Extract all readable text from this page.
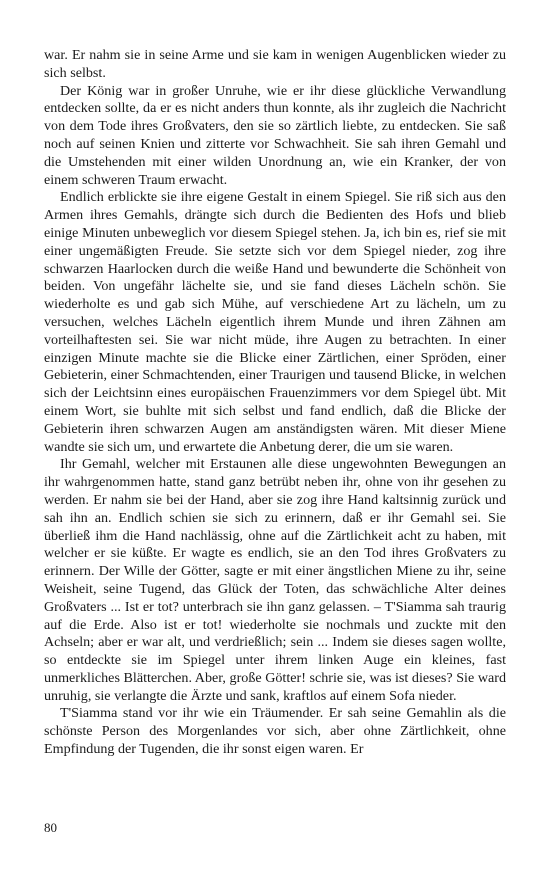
war. Er nahm sie in seine Arme und sie kam in wenigen Augenblicken wieder zu sich selbst.

Der König war in großer Unruhe, wie er ihr diese glückliche Verwandlung entdecken sollte, da er es nicht anders thun konnte, als ihr zugleich die Nachricht von dem Tode ihres Großvaters, den sie so zärtlich liebte, zu entdecken. Sie saß noch auf seinen Knien und zitterte vor Schwachheit. Sie sah ihren Gemahl und die Umstehenden mit einer wilden Unordnung an, wie ein Kranker, der von einem schweren Traum erwacht.

Endlich erblickte sie ihre eigene Gestalt in einem Spiegel. Sie riß sich aus den Armen ihres Gemahls, drängte sich durch die Bedienten des Hofs und blieb einige Minuten unbeweglich vor diesem Spiegel stehen. Ja, ich bin es, rief sie mit einer ungemäßigten Freude. Sie setzte sich vor dem Spiegel nieder, zog ihre schwarzen Haarlocken durch die weiße Hand und bewunderte die Schönheit von beiden. Von ungefähr lächelte sie, und sie fand dieses Lächeln schön. Sie wiederholte es und gab sich Mühe, auf verschiedene Art zu lächeln, um zu versuchen, welches Lächeln eigentlich ihrem Munde und ihren Zähnen am vorteilhaftesten sei. Sie war nicht müde, ihre Augen zu betrachten. In einer einzigen Minute machte sie die Blicke einer Zärtlichen, einer Spröden, einer Gebieterin, einer Schmachtenden, einer Traurigen und tausend Blicke, in welchen sich der Leichtsinn eines europäischen Frauenzimmers vor dem Spiegel übt. Mit einem Wort, sie buhlte mit sich selbst und fand endlich, daß die Blicke der Gebieterin ihren schwarzen Augen am anständigsten wären. Mit dieser Miene wandte sie sich um, und erwartete die Anbetung derer, die um sie waren.

Ihr Gemahl, welcher mit Erstaunen alle diese ungewohnten Bewegungen an ihr wahrgenommen hatte, stand ganz betrübt neben ihr, ohne von ihr gesehen zu werden. Er nahm sie bei der Hand, aber sie zog ihre Hand kaltsinnig zurück und sah ihn an. Endlich schien sie sich zu erinnern, daß er ihr Gemahl sei. Sie überließ ihm die Hand nachlässig, ohne auf die Zärtlichkeit acht zu haben, mit welcher er sie küßte. Er wagte es endlich, sie an den Tod ihres Großvaters zu erinnern. Der Wille der Götter, sagte er mit einer ängstlichen Miene zu ihr, seine Weisheit, seine Tugend, das Glück der Toten, das schwächliche Alter deines Großvaters ... Ist er tot? unterbrach sie ihn ganz gelassen. – T'Siamma sah traurig auf die Erde. Also ist er tot! wiederholte sie nochmals und zuckte mit den Achseln; aber er war alt, und verdrießlich; sein ... Indem sie dieses sagen wollte, so entdeckte sie im Spiegel unter ihrem linken Auge ein kleines, fast unmerkliches Blätterchen. Aber, große Götter! schrie sie, was ist dieses? Sie ward unruhig, sie verlangte die Ärzte und sank, kraftlos auf einem Sofa nieder.

T'Siamma stand vor ihr wie ein Träumender. Er sah seine Gemahlin als die schönste Person des Morgenlandes vor sich, aber ohne Zärtlichkeit, ohne Empfindung der Tugenden, die ihr sonst eigen waren. Er

80
